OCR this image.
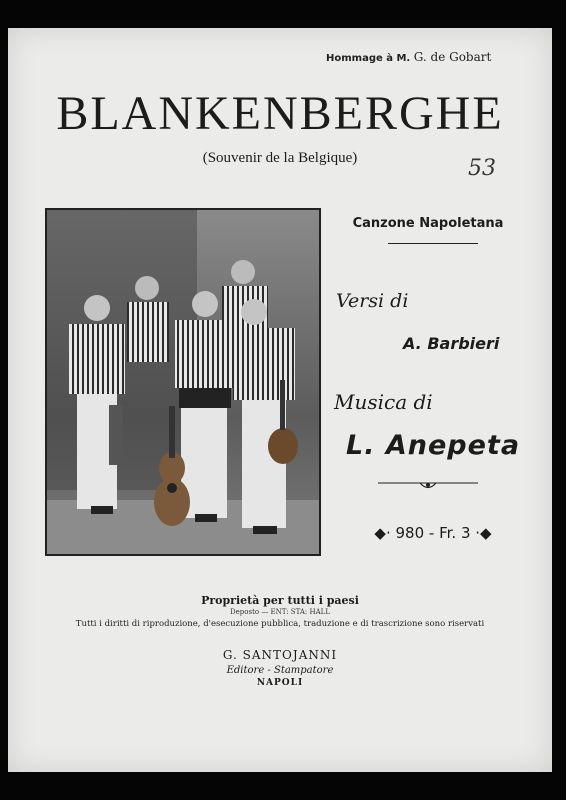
Hommage à M. G. de Gobart
BLANKENBERGHE
(Souvenir de la Belgique)	53
Canzone Napoletana
Versi di
A. Barbieri
Musica di
L. Anepeta
◆· 980 - Fr. 3 ·◆
Proprietà per tutti i paesi
Deposto — ENT: STA: HALL
Tutti i diritti di riproduzione, d'esecuzione pubblica, traduzione e di trascrizione sono riservati
G. SANTOJANNI
Editore - Stampatore
NAPOLI
